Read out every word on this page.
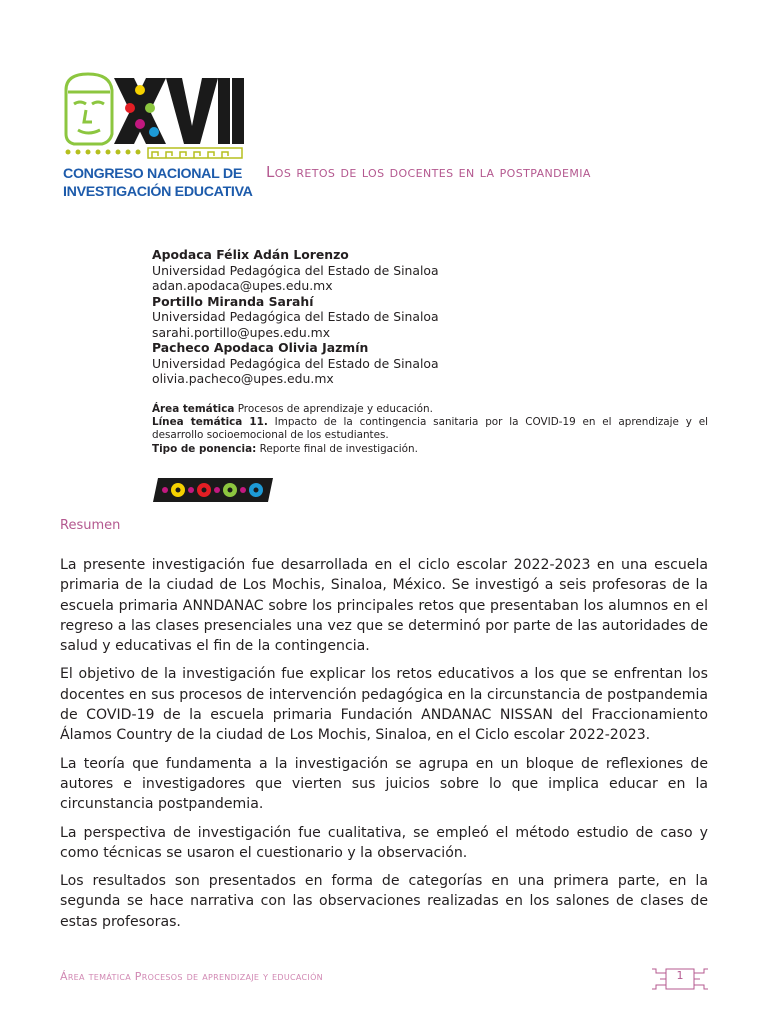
CONGRESO NACIONAL DE
INVESTIGACIÓN EDUCATIVA
Los retos de los docentes en la postpandemia
Apodaca Félix Adán Lorenzo
Universidad Pedagógica del Estado de Sinaloa
adan.apodaca@upes.edu.mx
Portillo Miranda Sarahí
Universidad Pedagógica del Estado de Sinaloa
sarahi.portillo@upes.edu.mx
Pacheco Apodaca Olivia Jazmín
Universidad Pedagógica del Estado de Sinaloa
olivia.pacheco@upes.edu.mx
Área temática Procesos de aprendizaje y educación.
Línea temática 11. Impacto de la contingencia sanitaria por la COVID-19 en el aprendizaje y el desarrollo socioemocional de los estudiantes.
Tipo de ponencia: Reporte final de investigación.
Resumen

La presente investigación fue desarrollada en el ciclo escolar 2022-2023 en una escuela primaria de la ciudad de Los Mochis, Sinaloa, México. Se investigó a seis profesoras de la escuela primaria ANNDANAC sobre los principales retos que presentaban los alumnos en el regreso a las clases presenciales una vez que se determinó por parte de las autoridades de salud y educativas el fin de la contingencia.

El objetivo de la investigación fue explicar los retos educativos a los que se enfrentan los docentes en sus procesos de intervención pedagógica en la circunstancia de postpandemia de COVID-19 de la escuela primaria Fundación ANDANAC NISSAN del Fraccionamiento Álamos Country de la ciudad de Los Mochis, Sinaloa, en el Ciclo escolar 2022-2023.

La teoría que fundamenta a la investigación se agrupa en un bloque de reflexiones de autores e investigadores que vierten sus juicios sobre lo que implica educar en la circunstancia postpandemia.

La perspectiva de investigación fue cualitativa, se empleó el método estudio de caso y como técnicas se usaron el cuestionario y la observación.

Los resultados son presentados en forma de categorías en una primera parte, en la segunda se hace narrativa con las observaciones realizadas en los salones de clases de estas profesoras.

Área temática Procesos de aprendizaje y educación	1
